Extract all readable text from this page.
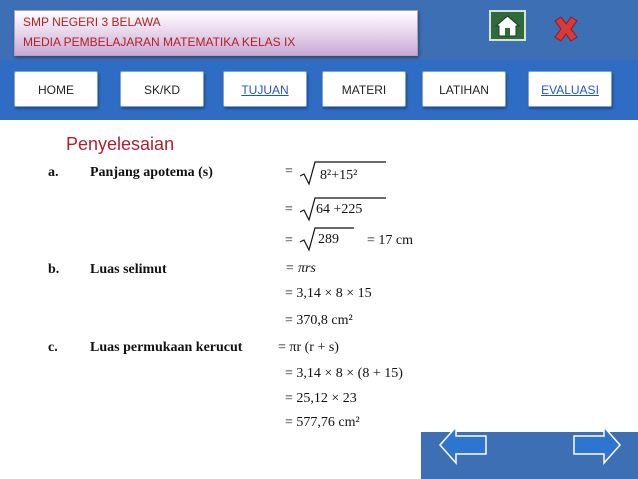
SMP NEGERI 3 BELAWA
MEDIA PEMBELAJARAN MATEMATIKA KELAS IX
HOME	SK/KD	TUJUAN	MATERI	LATIHAN	EVALUASI
Penyelesaian
a. Panjang apotema (s)	= 8²+15²
= 64 +225
= 289 = 17 cm
b. Luas selimut	= πrs
= 3,14 × 8 × 15
= 370,8 cm²
c. Luas permukaan kerucut	= πr (r + s)
= 3,14 × 8 × (8 + 15)
= 25,12 × 23
= 577,76 cm²
